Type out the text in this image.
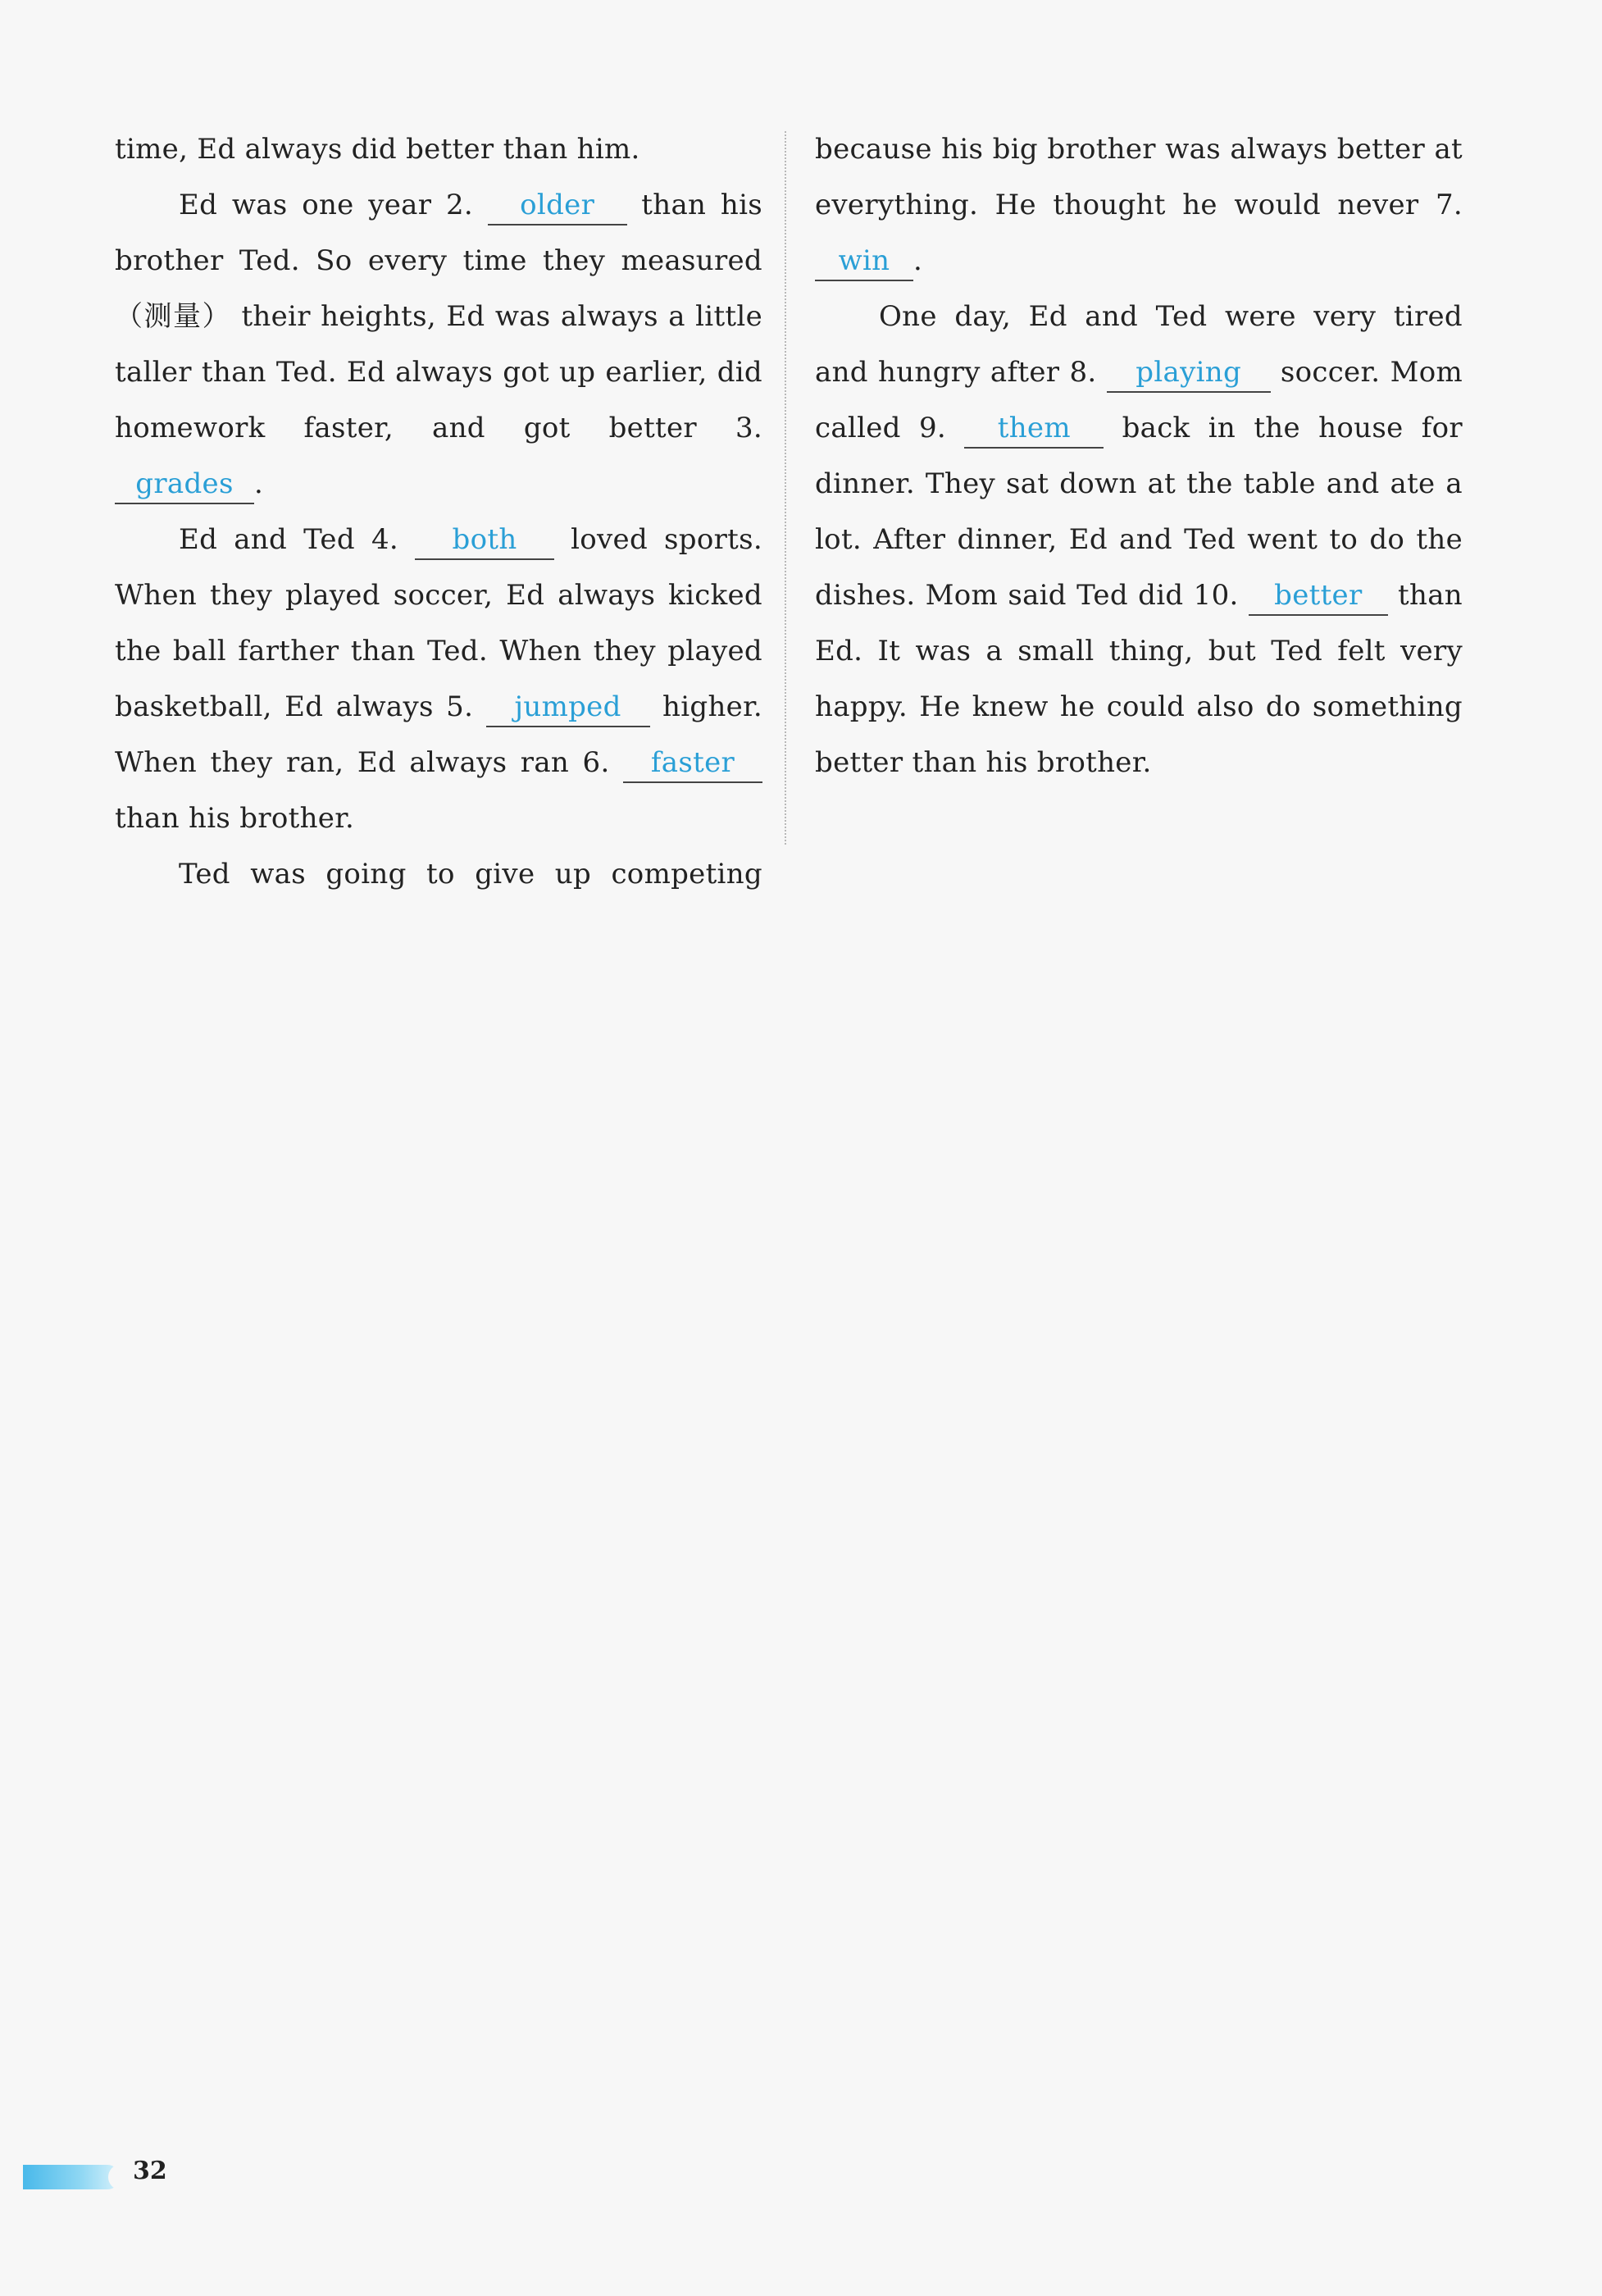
time, Ed always did better than him.

Ed was one year 2. older than his brother Ted. So every time they measured （测量） their heights, Ed was always a little taller than Ted. Ed always got up earlier, did homework faster, and got better 3. grades .

Ed and Ted 4. both loved sports. When they played soccer, Ed always kicked the ball farther than Ted. When they played basketball, Ed always 5. jumped higher. When they ran, Ed always ran 6. faster than his brother.

Ted was going to give up competing

because his big brother was always better at everything. He thought he would never 7. win .

One day, Ed and Ted were very tired and hungry after 8. playing soccer. Mom called 9. them back in the house for dinner. They sat down at the table and ate a lot. After dinner, Ed and Ted went to do the dishes. Mom said Ted did 10. better than Ed. It was a small thing, but Ted felt very happy. He knew he could also do something better than his brother.

32
